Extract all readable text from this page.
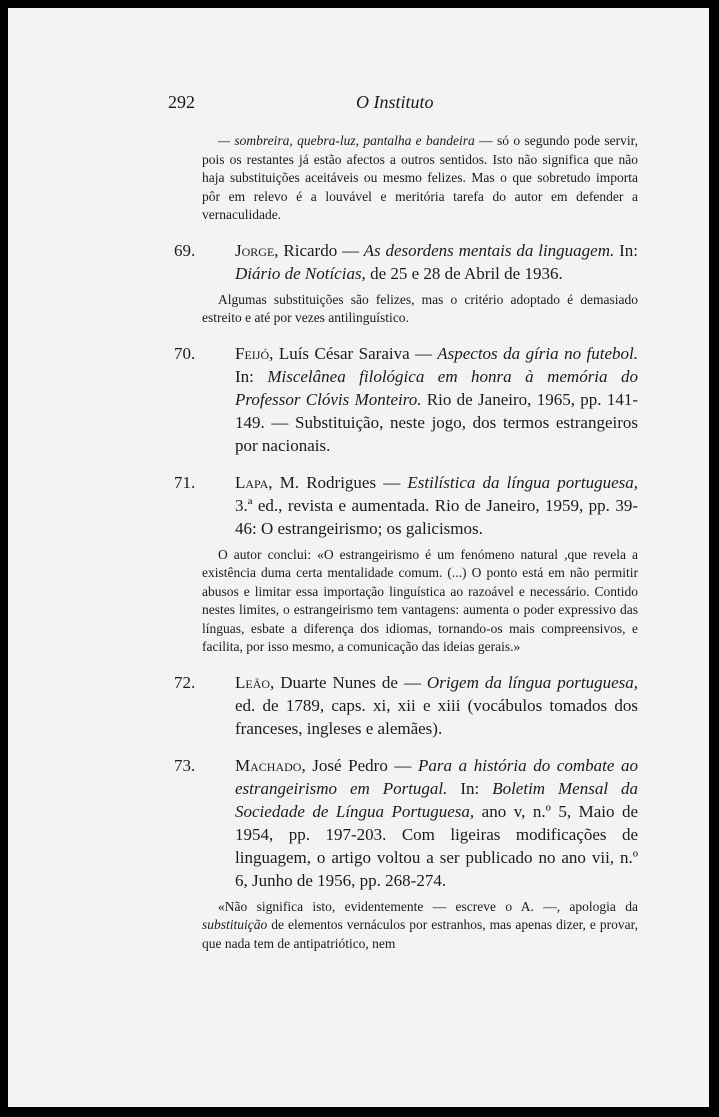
292	O Instituto

— sombreira, quebra-luz, pantalha e bandeira — só o segundo pode servir, pois os restantes já estão afectos a outros sentidos. Isto não significa que não haja substituições aceitáveis ou mesmo felizes. Mas o que sobretudo importa pôr em relevo é a louvável e meritória tarefa do autor em defender a vernaculidade.

69. Jorge, Ricardo — As desordens mentais da linguagem. In: Diário de Notícias, de 25 e 28 de Abril de 1936.

Algumas substituições são felizes, mas o critério adoptado é demasiado estreito e até por vezes antilinguístico.

70. Feijó, Luís César Saraiva — Aspectos da gíria no futebol. In: Miscelânea filológica em honra à memória do Professor Clóvis Monteiro. Rio de Janeiro, 1965, pp. 141-149. — Substituição, neste jogo, dos termos estrangeiros por nacionais.

71. Lapa, M. Rodrigues — Estilística da língua portuguesa, 3.ª ed., revista e aumentada. Rio de Janeiro, 1959, pp. 39-46: O estrangeirismo; os galicismos.

O autor conclui: «O estrangeirismo é um fenómeno natural ,que revela a existência duma certa mentalidade comum. (...) O ponto está em não permitir abusos e limitar essa importação linguística ao razoável e necessário. Contido nestes limites, o estrangeirismo tem vantagens: aumenta o poder expressivo das línguas, esbate a diferença dos idiomas, tornando-os mais compreensivos, e facilita, por isso mesmo, a comunicação das ideias gerais.»

72. Leão, Duarte Nunes de — Origem da língua portuguesa, ed. de 1789, caps. xi, xii e xiii (vocábulos tomados dos franceses, ingleses e alemães).

73. Machado, José Pedro — Para a história do combate ao estrangeirismo em Portugal. In: Boletim Mensal da Sociedade de Língua Portuguesa, ano v, n.º 5, Maio de 1954, pp. 197-203. Com ligeiras modificações de linguagem, o artigo voltou a ser publicado no ano vii, n.º 6, Junho de 1956, pp. 268-274.

«Não significa isto, evidentemente — escreve o A. —, apologia da substituição de elementos vernáculos por estranhos, mas apenas dizer, e provar, que nada tem de antipatriótico, nem
